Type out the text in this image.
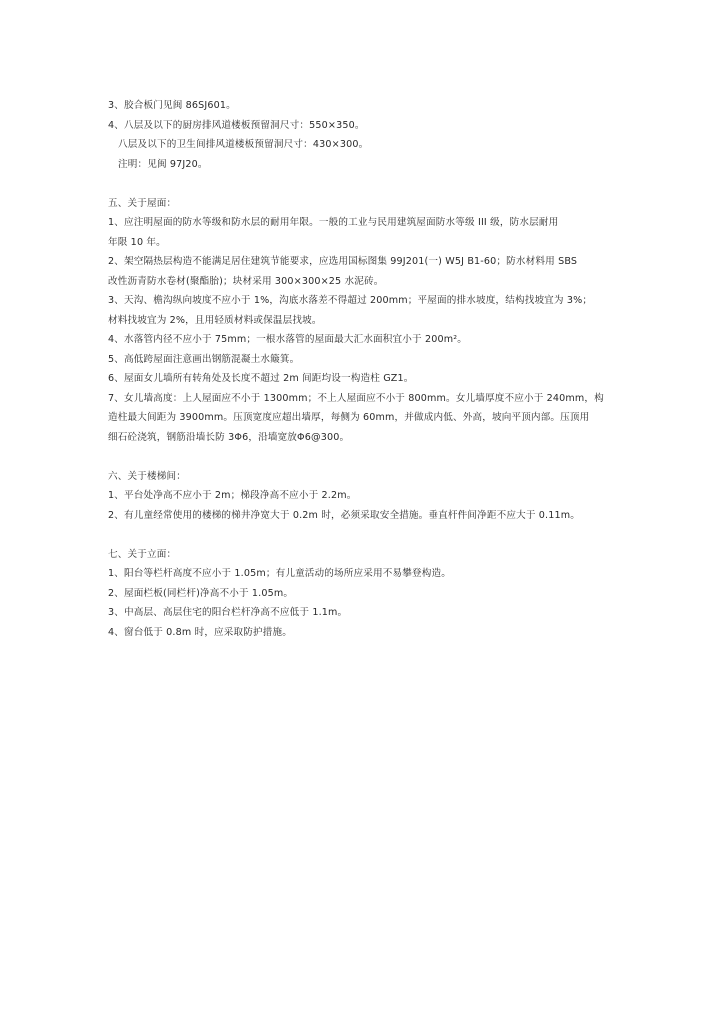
3、胶合板门见闽 86SJ601。
4、八层及以下的厨房排风道楼板预留洞尺寸：550×350。
八层及以下的卫生间排风道楼板预留洞尺寸：430×300。
注明：见闽 97J20。
五、关于屋面：
1、应注明屋面的防水等级和防水层的耐用年限。一般的工业与民用建筑屋面防水等级 III 级，防水层耐用
年限 10 年。
2、架空隔热层构造不能满足居住建筑节能要求，应选用国标图集 99J201(一) W5J B1-60；防水材料用 SBS
改性沥青防水卷材(聚酯胎)；块材采用 300×300×25 水泥砖。
3、天沟、檐沟纵向坡度不应小于 1%，沟底水落差不得超过 200mm；平屋面的排水坡度，结构找坡宜为 3%；
材料找坡宜为 2%，且用轻质材料或保温层找坡。
4、水落管内径不应小于 75mm；一根水落管的屋面最大汇水面积宜小于 200m²。
5、高低跨屋面注意画出钢筋混凝土水簸箕。
6、屋面女儿墙所有转角处及长度不超过 2m 间距均设一构造柱 GZ1。
7、女儿墙高度：上人屋面应不小于 1300mm；不上人屋面应不小于 800mm。女儿墙厚度不应小于 240mm，构
造柱最大间距为 3900mm。压顶宽度应超出墙厚，每侧为 60mm，并做成内低、外高，坡向平顶内部。压顶用
细石砼浇筑，钢筋沿墙长防 3Φ6，沿墙宽放Φ6@300。
六、关于楼梯间：
1、平台处净高不应小于 2m；梯段净高不应小于 2.2m。
2、有儿童经常使用的楼梯的梯井净宽大于 0.2m 时，必须采取安全措施。垂直杆件间净距不应大于 0.11m。
七、关于立面：
1、阳台等栏杆高度不应小于 1.05m；有儿童活动的场所应采用不易攀登构造。
2、屋面栏板(同栏杆)净高不小于 1.05m。
3、中高层、高层住宅的阳台栏杆净高不应低于 1.1m。
4、窗台低于 0.8m 时，应采取防护措施。
